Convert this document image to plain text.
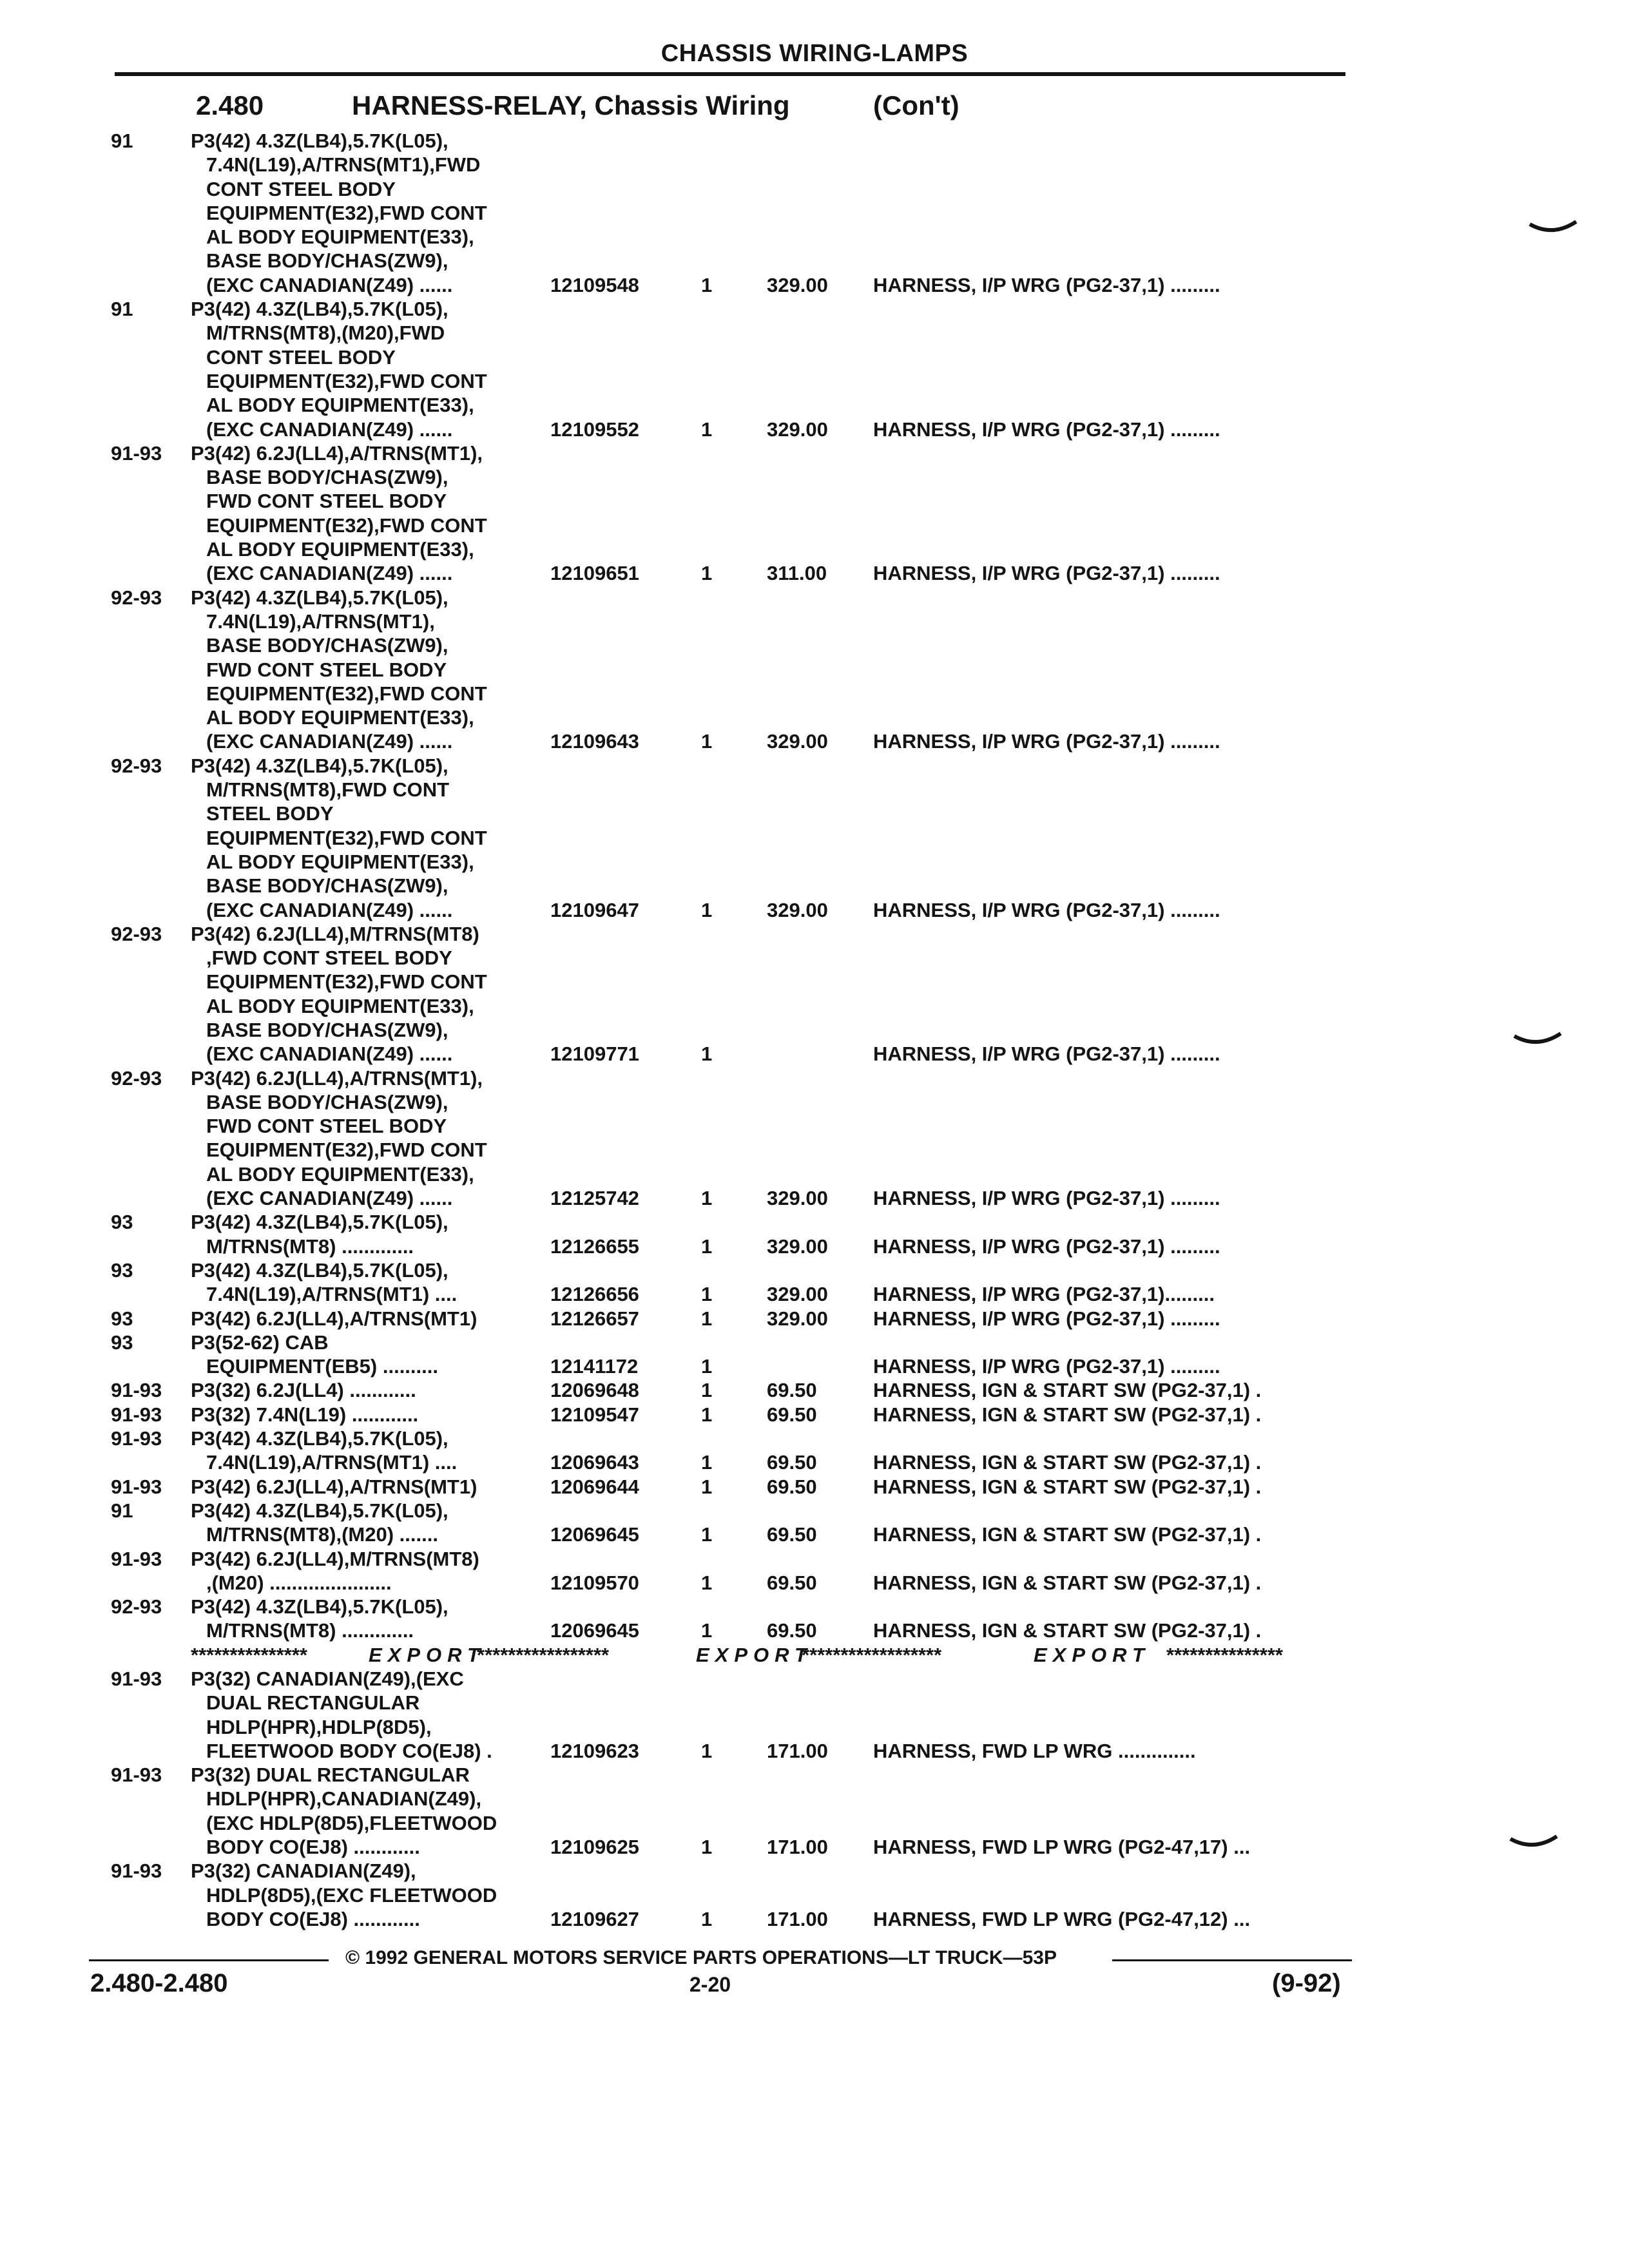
CHASSIS WIRING-LAMPS
2.480	HARNESS-RELAY, Chassis Wiring	(Con't)
91	P3(42) 4.3Z(LB4),5.7K(L05),
7.4N(L19),A/TRNS(MT1),FWD
CONT STEEL BODY
EQUIPMENT(E32),FWD CONT
AL BODY EQUIPMENT(E33),
BASE BODY/CHAS(ZW9),
(EXC CANADIAN(Z49) ......	12109548	1	329.00 HARNESS, I/P WRG (PG2-37,1) .........
91	P3(42) 4.3Z(LB4),5.7K(L05),
M/TRNS(MT8),(M20),FWD
CONT STEEL BODY
EQUIPMENT(E32),FWD CONT
AL BODY EQUIPMENT(E33),
(EXC CANADIAN(Z49) ......	12109552	1	329.00 HARNESS, I/P WRG (PG2-37,1) .........
91-93 P3(42) 6.2J(LL4),A/TRNS(MT1),
BASE BODY/CHAS(ZW9),
FWD CONT STEEL BODY
EQUIPMENT(E32),FWD CONT
AL BODY EQUIPMENT(E33),
(EXC CANADIAN(Z49) ......	12109651	1	311.00 HARNESS, I/P WRG (PG2-37,1) .........
92-93 P3(42) 4.3Z(LB4),5.7K(L05),
7.4N(L19),A/TRNS(MT1),
BASE BODY/CHAS(ZW9),
FWD CONT STEEL BODY
EQUIPMENT(E32),FWD CONT
AL BODY EQUIPMENT(E33),
(EXC CANADIAN(Z49) ......	12109643	1	329.00 HARNESS, I/P WRG (PG2-37,1) .........
92-93 P3(42) 4.3Z(LB4),5.7K(L05),
M/TRNS(MT8),FWD CONT
STEEL BODY
EQUIPMENT(E32),FWD CONT
AL BODY EQUIPMENT(E33),
BASE BODY/CHAS(ZW9),
(EXC CANADIAN(Z49) ......	12109647	1	329.00 HARNESS, I/P WRG (PG2-37,1) .........
92-93 P3(42) 6.2J(LL4),M/TRNS(MT8)
,FWD CONT STEEL BODY
EQUIPMENT(E32),FWD CONT
AL BODY EQUIPMENT(E33),
BASE BODY/CHAS(ZW9),
(EXC CANADIAN(Z49) ......	12109771	1	HARNESS, I/P WRG (PG2-37,1) .........
92-93 P3(42) 6.2J(LL4),A/TRNS(MT1),
BASE BODY/CHAS(ZW9),
FWD CONT STEEL BODY
EQUIPMENT(E32),FWD CONT
AL BODY EQUIPMENT(E33),
(EXC CANADIAN(Z49) ......	12125742	1	329.00 HARNESS, I/P WRG (PG2-37,1) .........
93	P3(42) 4.3Z(LB4),5.7K(L05),
M/TRNS(MT8) .............	12126655	1	329.00 HARNESS, I/P WRG (PG2-37,1) .........
93	P3(42) 4.3Z(LB4),5.7K(L05),
7.4N(L19),A/TRNS(MT1) ....	12126656	1	329.00 HARNESS, I/P WRG (PG2-37,1).........
93	P3(42) 6.2J(LL4),A/TRNS(MT1)	12126657	1	329.00 HARNESS, I/P WRG (PG2-37,1) .........
93	P3(52-62) CAB
EQUIPMENT(EB5) ..........	12141172	1	HARNESS, I/P WRG (PG2-37,1) .........
91-93 P3(32) 6.2J(LL4) ............	12069648	1	69.50	HARNESS, IGN & START SW (PG2-37,1) .
91-93 P3(32) 7.4N(L19) ............	12109547	1	69.50	HARNESS, IGN & START SW (PG2-37,1) .
91-93 P3(42) 4.3Z(LB4),5.7K(L05),
7.4N(L19),A/TRNS(MT1) ....	12069643	1	69.50	HARNESS, IGN & START SW (PG2-37,1) .
91-93 P3(42) 6.2J(LL4),A/TRNS(MT1)	12069644	1	69.50	HARNESS, IGN & START SW (PG2-37,1) .
91	P3(42) 4.3Z(LB4),5.7K(L05),
M/TRNS(MT8),(M20) .......	12069645	1	69.50	HARNESS, IGN & START SW (PG2-37,1) .
91-93 P3(42) 6.2J(LL4),M/TRNS(MT8)
,(M20) ......................	12109570	1	69.50	HARNESS, IGN & START SW (PG2-37,1) .
92-93 P3(42) 4.3Z(LB4),5.7K(L05),
M/TRNS(MT8) .............	12069645	1	69.50	HARNESS, IGN & START SW (PG2-37,1) .
***************	EXPORT
*****************	EXPORT
******************	EXPORT ***************
91-93 P3(32) CANADIAN(Z49),(EXC
DUAL RECTANGULAR
HDLP(HPR),HDLP(8D5),
FLEETWOOD BODY CO(EJ8) .	12109623	1	171.00 HARNESS, FWD LP WRG ..............
91-93 P3(32) DUAL RECTANGULAR
HDLP(HPR),CANADIAN(Z49),
(EXC HDLP(8D5),FLEETWOOD
BODY CO(EJ8) ............	12109625	1	171.00 HARNESS, FWD LP WRG (PG2-47,17) ...
91-93 P3(32) CANADIAN(Z49),
HDLP(8D5),(EXC FLEETWOOD
BODY CO(EJ8) ............	12109627	1	171.00 HARNESS, FWD LP WRG (PG2-47,12) ...
© 1992 GENERAL MOTORS SERVICE PARTS OPERATIONS—LT TRUCK—53P
2.480-2.480	2-20	(9-92)
